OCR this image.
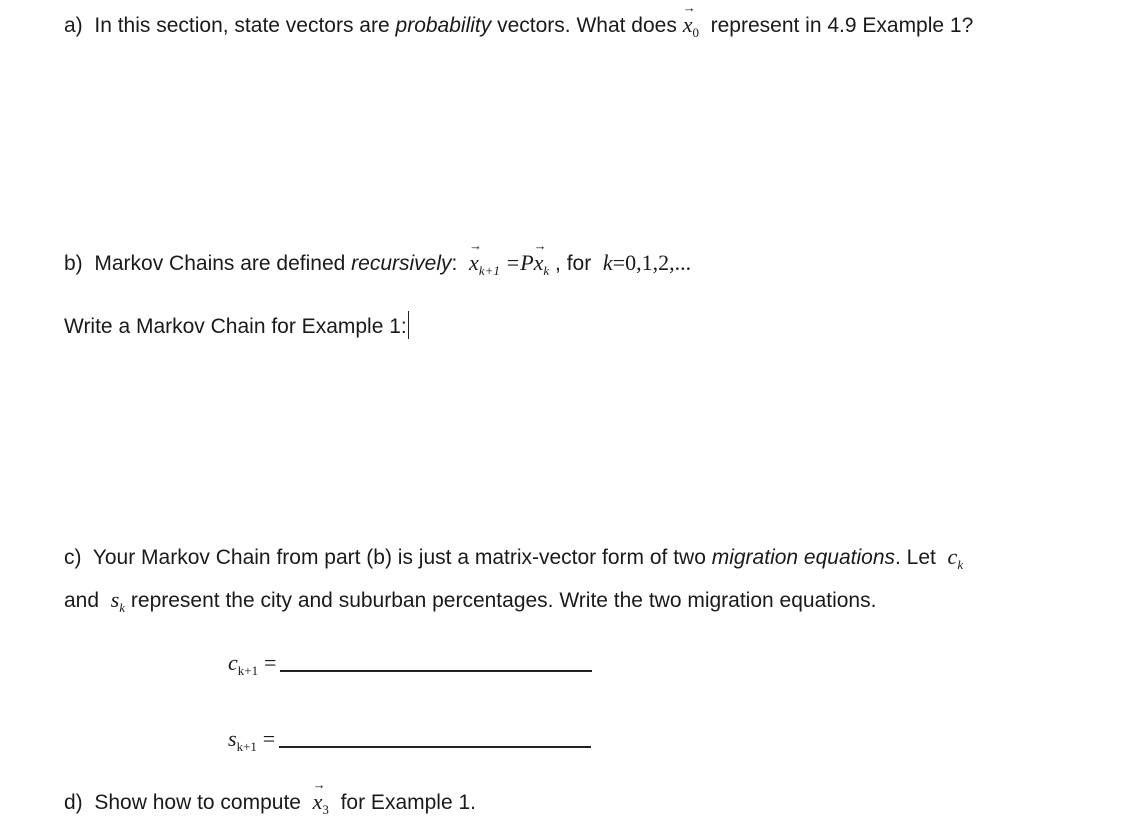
a) In this section, state vectors are probability vectors. What does → $x_0$ represent in 4.9 Example 1?
b) Markov Chains are defined recursively: → $x_{k+1} =P\to x_k$ , for k=0,1,2,...
Write a Markov Chain for Example 1:
c) Your Markov Chain from part (b) is just a matrix-vector form of two migration equations. Let $c_k$
and $s_k$ represent the city and suburban percentages. Write the two migration equations.
$c_{k+1}$ =
$s_{k+1}$ =
d) Show how to compute → $x_3$ for Example 1.
